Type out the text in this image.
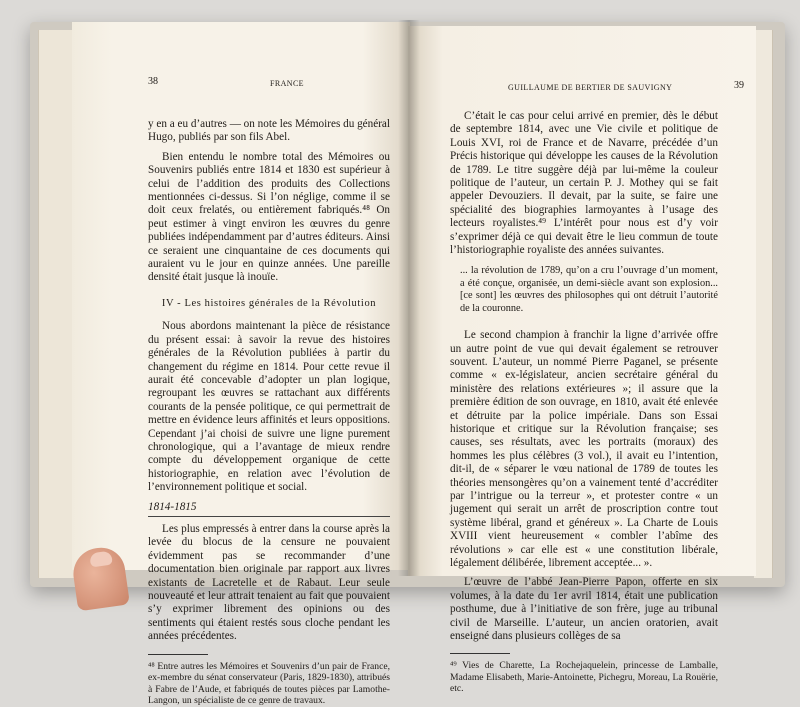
38	FRANCE

y en a eu d’autres — on note les Mémoires du général Hugo, publiés par son fils Abel.

Bien entendu le nombre total des Mémoires ou Souvenirs publiés entre 1814 et 1830 est supérieur à celui de l’addition des produits des Collections mentionnées ci-dessus. Si l’on néglige, comme il se doit ceux frelatés, ou entièrement fabriqués.⁴⁸ On peut estimer à vingt environ les œuvres du genre publiées indépendamment par d’autres éditeurs. Ainsi ce seraient une cinquantaine de ces documents qui auraient vu le jour en quinze années. Une pareille densité était jusque là inouïe.

IV - Les histoires générales de la Révolution

Nous abordons maintenant la pièce de résistance du présent essai: à savoir la revue des histoires générales de la Révolution publiées à partir du changement du régime en 1814. Pour cette revue il aurait été concevable d’adopter un plan logique, regroupant les œuvres se rattachant aux différents courants de la pensée politique, ce qui permettrait de mettre en évidence leurs affinités et leurs oppositions. Cependant j’ai choisi de suivre une ligne purement chronologique, qui a l’avantage de mieux rendre compte du développement organique de cette historiographie, en relation avec l’évolution de l’environnement politique et social.

1814-1815

Les plus empressés à entrer dans la course après la levée du blocus de la censure ne pouvaient évidemment pas se recommander d’une documentation bien originale par rapport aux livres existants de Lacretelle et de Rabaut. Leur seule nouveauté et leur attrait tenaient au fait que pouvaient s’y exprimer librement des opinions ou des sentiments qui étaient restés sous cloche pendant les années précédentes.

⁴⁸ Entre autres les Mémoires et Souvenirs d’un pair de France, ex-membre du sénat conservateur (Paris, 1829-1830), attribués à Fabre de l’Aude, et fabriqués de toutes pièces par Lamothe-Langon, un spécialiste de ce genre de travaux.
GUILLAUME DE BERTIER DE SAUVIGNY	39

C’était le cas pour celui arrivé en premier, dès le début de septembre 1814, avec une Vie civile et politique de Louis XVI, roi de France et de Navarre, précédée d’un Précis historique qui développe les causes de la Révolution de 1789. Le titre suggère déjà par lui-même la couleur politique de l’auteur, un certain P. J. Mothey qui se fait appeler Devouziers. Il devait, par la suite, se faire une spécialité des biographies larmoyantes à l’usage des lecteurs royalistes.⁴⁹ L’intérêt pour nous est d’y voir s’exprimer déjà ce qui devait être le lieu commun de toute l’historiographie royaliste des années suivantes.

... la révolution de 1789, qu’on a cru l’ouvrage d’un moment, a été conçue, organisée, un demi-siècle avant son explosion... [ce sont] les œuvres des philosophes qui ont détruit l’autorité de la couronne.

Le second champion à franchir la ligne d’arrivée offre un autre point de vue qui devait également se retrouver souvent. L’auteur, un nommé Pierre Paganel, se présente comme « ex-législateur, ancien secrétaire général du ministère des relations extérieures »; il assure que la première édition de son ouvrage, en 1810, avait été enlevée et détruite par la police impériale. Dans son Essai historique et critique sur la Révolution française; ses causes, ses résultats, avec les portraits (moraux) des hommes les plus célèbres (3 vol.), il avait eu l’intention, dit-il, de « séparer le vœu national de 1789 de toutes les théories mensongères qu’on a vainement tenté d’accréditer par l’intrigue ou la terreur », et protester contre « un jugement qui serait un arrêt de proscription contre tout système libéral, grand et généreux ». La Charte de Louis XVIII vient heureusement « combler l’abîme des révolutions » car elle est « une constitution libérale, légalement délibérée, librement acceptée... ».

L’œuvre de l’abbé Jean-Pierre Papon, offerte en six volumes, à la date du 1er avril 1814, était une publication posthume, due à l’initiative de son frère, juge au tribunal civil de Marseille. L’auteur, un ancien oratorien, avait enseigné dans plusieurs collèges de sa

⁴⁹ Vies de Charette, La Rochejaquelein, princesse de Lamballe, Madame Elisabeth, Marie-Antoinette, Pichegru, Moreau, La Rouërie, etc.
